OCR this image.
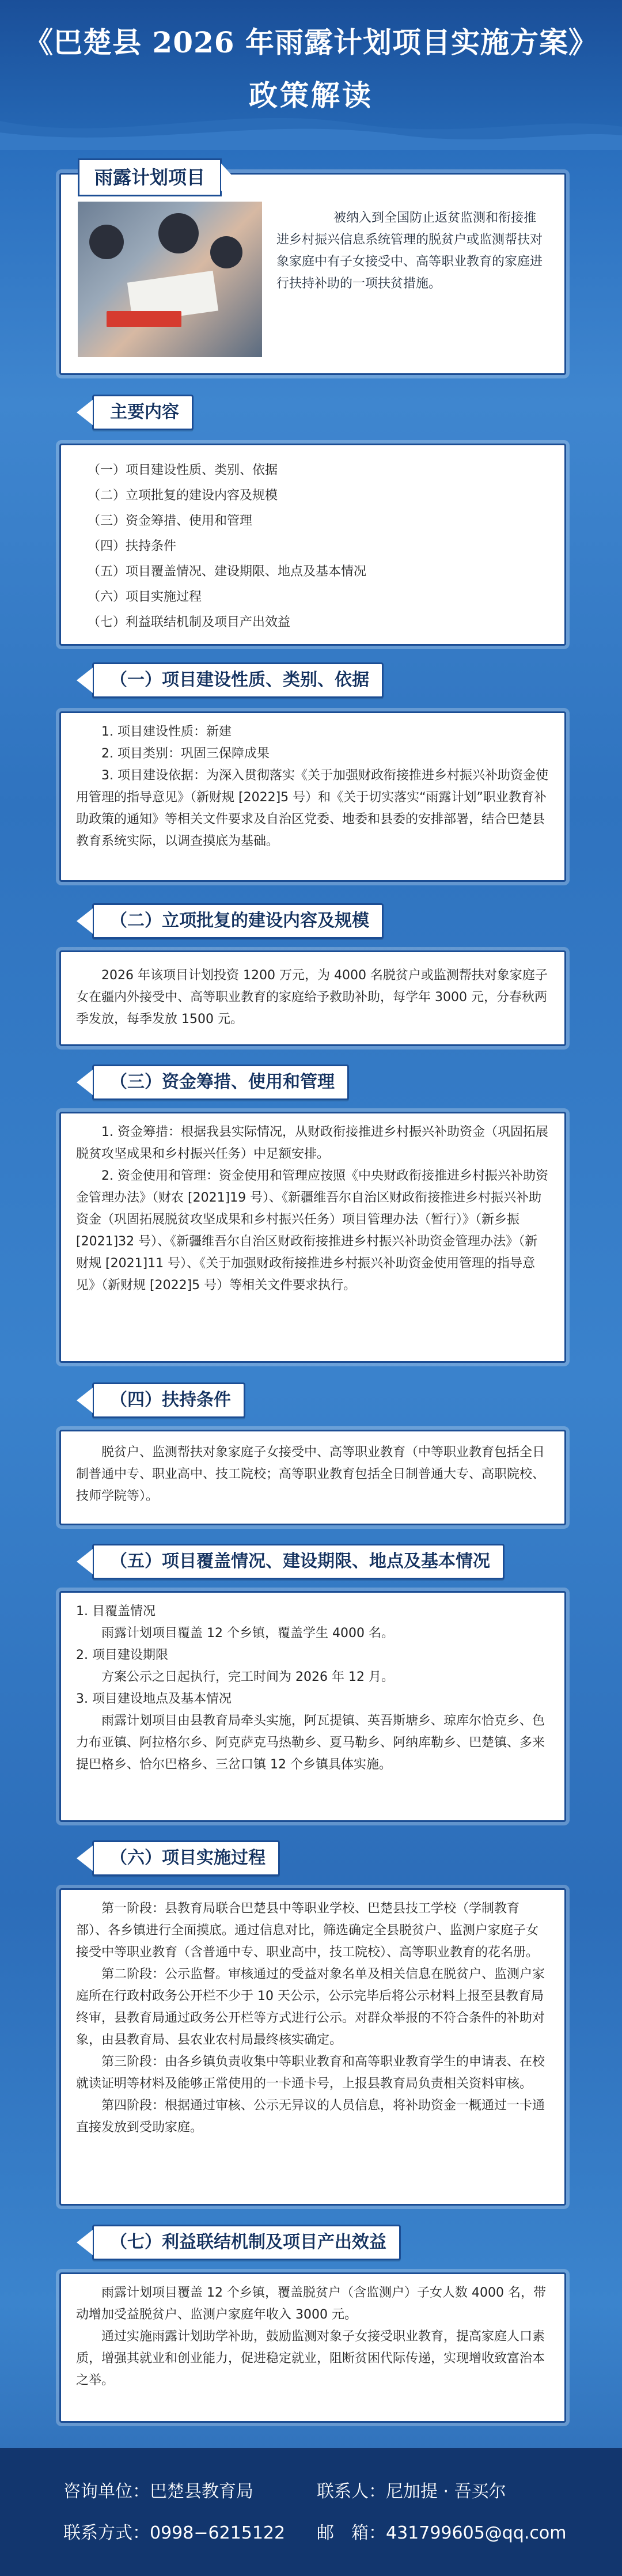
《巴楚县 2026 年雨露计划项目实施方案》
政策解读
雨露计划项目

被纳入到全国防止返贫监测和衔接推进乡村振兴信息系统管理的脱贫户或监测帮扶对象家庭中有子女接受中、高等职业教育的家庭进行扶持补助的一项扶贫措施。

主要内容
（一）项目建设性质、类别、依据
（二）立项批复的建设内容及规模
（三）资金筹措、使用和管理
（四）扶持条件
（五）项目覆盖情况、建设期限、地点及基本情况
（六）项目实施过程
（七）利益联结机制及项目产出效益
（一）项目建设性质、类别、依据

1. 项目建设性质：新建

2. 项目类别：巩固三保障成果

3. 项目建设依据：为深入贯彻落实《关于加强财政衔接推进乡村振兴补助资金使用管理的指导意见》（新财规 [2022]5 号）和《关于切实落实“雨露计划”职业教育补助政策的通知》等相关文件要求及自治区党委、地委和县委的安排部署，结合巴楚县教育系统实际，以调查摸底为基础。

（二）立项批复的建设内容及规模

2026 年该项目计划投资 1200 万元，为 4000 名脱贫户或监测帮扶对象家庭子女在疆内外接受中、高等职业教育的家庭给予救助补助，每学年 3000 元，分春秋两季发放，每季发放 1500 元。

（三）资金筹措、使用和管理

1. 资金筹措：根据我县实际情况，从财政衔接推进乡村振兴补助资金（巩固拓展脱贫攻坚成果和乡村振兴任务）中足额安排。

2. 资金使用和管理：资金使用和管理应按照《中央财政衔接推进乡村振兴补助资金管理办法》（财农 [2021]19 号）、《新疆维吾尔自治区财政衔接推进乡村振兴补助资金（巩固拓展脱贫攻坚成果和乡村振兴任务）项目管理办法（暂行）》（新乡振 [2021]32 号）、《新疆维吾尔自治区财政衔接推进乡村振兴补助资金管理办法》（新财规 [2021]11 号）、《关于加强财政衔接推进乡村振兴补助资金使用管理的指导意见》（新财规 [2022]5 号）等相关文件要求执行。

（四）扶持条件

脱贫户、监测帮扶对象家庭子女接受中、高等职业教育（中等职业教育包括全日制普通中专、职业高中、技工院校；高等职业教育包括全日制普通大专、高职院校、技师学院等）。

（五）项目覆盖情况、建设期限、地点及基本情况

1. 目覆盖情况

雨露计划项目覆盖 12 个乡镇，覆盖学生 4000 名。

2. 项目建设期限

方案公示之日起执行，完工时间为 2026 年 12 月。

3. 项目建设地点及基本情况

雨露计划项目由县教育局牵头实施，阿瓦提镇、英吾斯塘乡、琼库尔恰克乡、色力布亚镇、阿拉格尔乡、阿克萨克马热勒乡、夏马勒乡、阿纳库勒乡、巴楚镇、多来提巴格乡、恰尔巴格乡、三岔口镇 12 个乡镇具体实施。

（六）项目实施过程

第一阶段：县教育局联合巴楚县中等职业学校、巴楚县技工学校（学制教育部）、各乡镇进行全面摸底。通过信息对比，筛选确定全县脱贫户、监测户家庭子女接受中等职业教育（含普通中专、职业高中，技工院校）、高等职业教育的花名册。

第二阶段：公示监督。审核通过的受益对象名单及相关信息在脱贫户、监测户家庭所在行政村政务公开栏不少于 10 天公示，公示完毕后将公示材料上报至县教育局终审，县教育局通过政务公开栏等方式进行公示。对群众举报的不符合条件的补助对象，由县教育局、县农业农村局最终核实确定。

第三阶段：由各乡镇负责收集中等职业教育和高等职业教育学生的申请表、在校就读证明等材料及能够正常使用的一卡通卡号，上报县教育局负责相关资料审核。

第四阶段：根据通过审核、公示无异议的人员信息，将补助资金一概通过一卡通直接发放到受助家庭。

（七）利益联结机制及项目产出效益

雨露计划项目覆盖 12 个乡镇，覆盖脱贫户（含监测户）子女人数 4000 名，带动增加受益脱贫户、监测户家庭年收入 3000 元。

通过实施雨露计划助学补助，鼓励监测对象子女接受职业教育，提高家庭人口素质，增强其就业和创业能力，促进稳定就业，阻断贫困代际传递，实现增收致富治本之举。

咨询单位：巴楚县教育局	联系人：尼加提 · 吾买尔
联系方式：0998−6215122 邮　箱：431799605@qq.com
